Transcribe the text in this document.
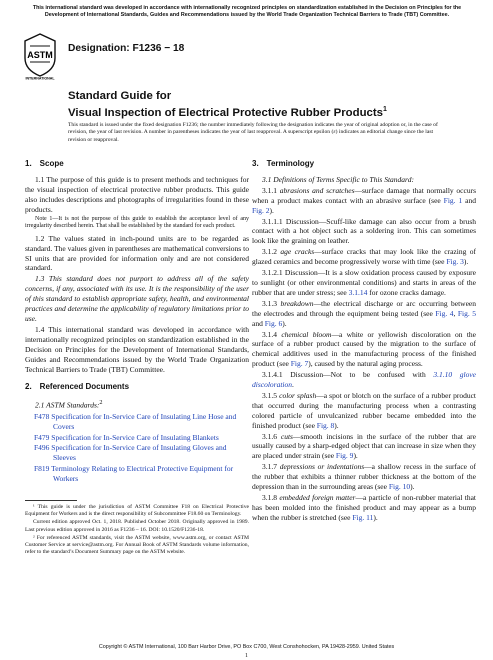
This international standard was developed in accordance with internationally recognized principles on standardization established in the Decision on Principles for the Development of International Standards, Guides and Recommendations issued by the World Trade Organization Technical Barriers to Trade (TBT) Committee.
ASTM
INTERNATIONAL
Designation: F1236 − 18
Standard Guide for
Visual Inspection of Electrical Protective Rubber Products$^1$
This standard is issued under the fixed designation F1236; the number immediately following the designation indicates the year of original adoption or, in the case of revision, the year of last revision. A number in parentheses indicates the year of last reapproval. A superscript epsilon (ε) indicates an editorial change since the last revision or reapproval.
1. Scope

1.1 The purpose of this guide is to present methods and techniques for the visual inspection of electrical protective rubber products. This guide also includes descriptions and photographs of irregularities found in these products.

Note 1—It is not the purpose of this guide to establish the acceptance level of any irregularity described herein. That shall be established by the standard for each product.

1.2 The values stated in inch-pound units are to be regarded as standard. The values given in parentheses are mathematical conversions to SI units that are provided for information only and are not considered standard.

1.3 This standard does not purport to address all of the safety concerns, if any, associated with its use. It is the responsibility of the user of this standard to establish appropriate safety, health, and environmental practices and determine the applicability of regulatory limitations prior to use.

1.4 This international standard was developed in accordance with internationally recognized principles on standardization established in the Decision on Principles for the Development of International Standards, Guides and Recommendations issued by the World Trade Organization Technical Barriers to Trade (TBT) Committee.

2. Referenced Documents

2.1 ASTM Standards:$^2$

F478 Specification for In-Service Care of Insulating Line Hose and Covers
F479 Specification for In-Service Care of Insulating Blankets
F496 Specification for In-Service Care of Insulating Gloves and Sleeves
F819 Terminology Relating to Electrical Protective Equipment for Workers

¹ This guide is under the jurisdiction of ASTM Committee F18 on Electrical Protective Equipment for Workers and is the direct responsibility of Subcommittee F18.60 on Terminology.

Current edition approved Oct. 1, 2018. Published October 2018. Originally approved in 1989. Last previous edition approved in 2016 as F1236 – 16. DOI: 10.1520/F1236-18.

² For referenced ASTM standards, visit the ASTM website, www.astm.org, or contact ASTM Customer Service at service@astm.org. For Annual Book of ASTM Standards volume information, refer to the standard’s Document Summary page on the ASTM website.

3. Terminology

3.1 Definitions of Terms Specific to This Standard:

3.1.1 abrasions and scratches—surface damage that normally occurs when a product makes contact with an abrasive surface (see Fig. 1 and Fig. 2).

3.1.1.1 Discussion—Scuff-like damage can also occur from a brush contact with a hot object such as a soldering iron. This can sometimes look like the graining on leather.

3.1.2 age cracks—surface cracks that may look like the crazing of glazed ceramics and become progressively worse with time (see Fig. 3).

3.1.2.1 Discussion—It is a slow oxidation process caused by exposure to sunlight (or other environmental conditions) and starts in areas of the rubber that are under stress; see 3.1.14 for ozone cracks damage.

3.1.3 breakdown—the electrical discharge or arc occurring between the electrodes and through the equipment being tested (see Fig. 4, Fig. 5 and Fig. 6).

3.1.4 chemical bloom—a white or yellowish discoloration on the surface of a rubber product caused by the migration to the surface of chemical additives used in the manufacturing process of the finished product (see Fig. 7), caused by the natural aging process.

3.1.4.1 Discussion—Not to be confused with 3.1.10 glove discoloration.

3.1.5 color splash—a spot or blotch on the surface of a rubber product that occurred during the manufacturing process when a contrasting colored particle of unvulcanized rubber became embedded into the finished product (see Fig. 8).

3.1.6 cuts—smooth incisions in the surface of the rubber that are usually caused by a sharp-edged object that can increase in size when they are placed under strain (see Fig. 9).

3.1.7 depressions or indentations—a shallow recess in the surface of the rubber that exhibits a thinner rubber thickness at the bottom of the depression than in the surrounding areas (see Fig. 10).

3.1.8 embedded foreign matter—a particle of non-rubber material that has been molded into the finished product and may appear as a bump when the rubber is stretched (see Fig. 11).

Copyright © ASTM International, 100 Barr Harbor Drive, PO Box C700, West Conshohocken, PA 19428-2959. United States
1
